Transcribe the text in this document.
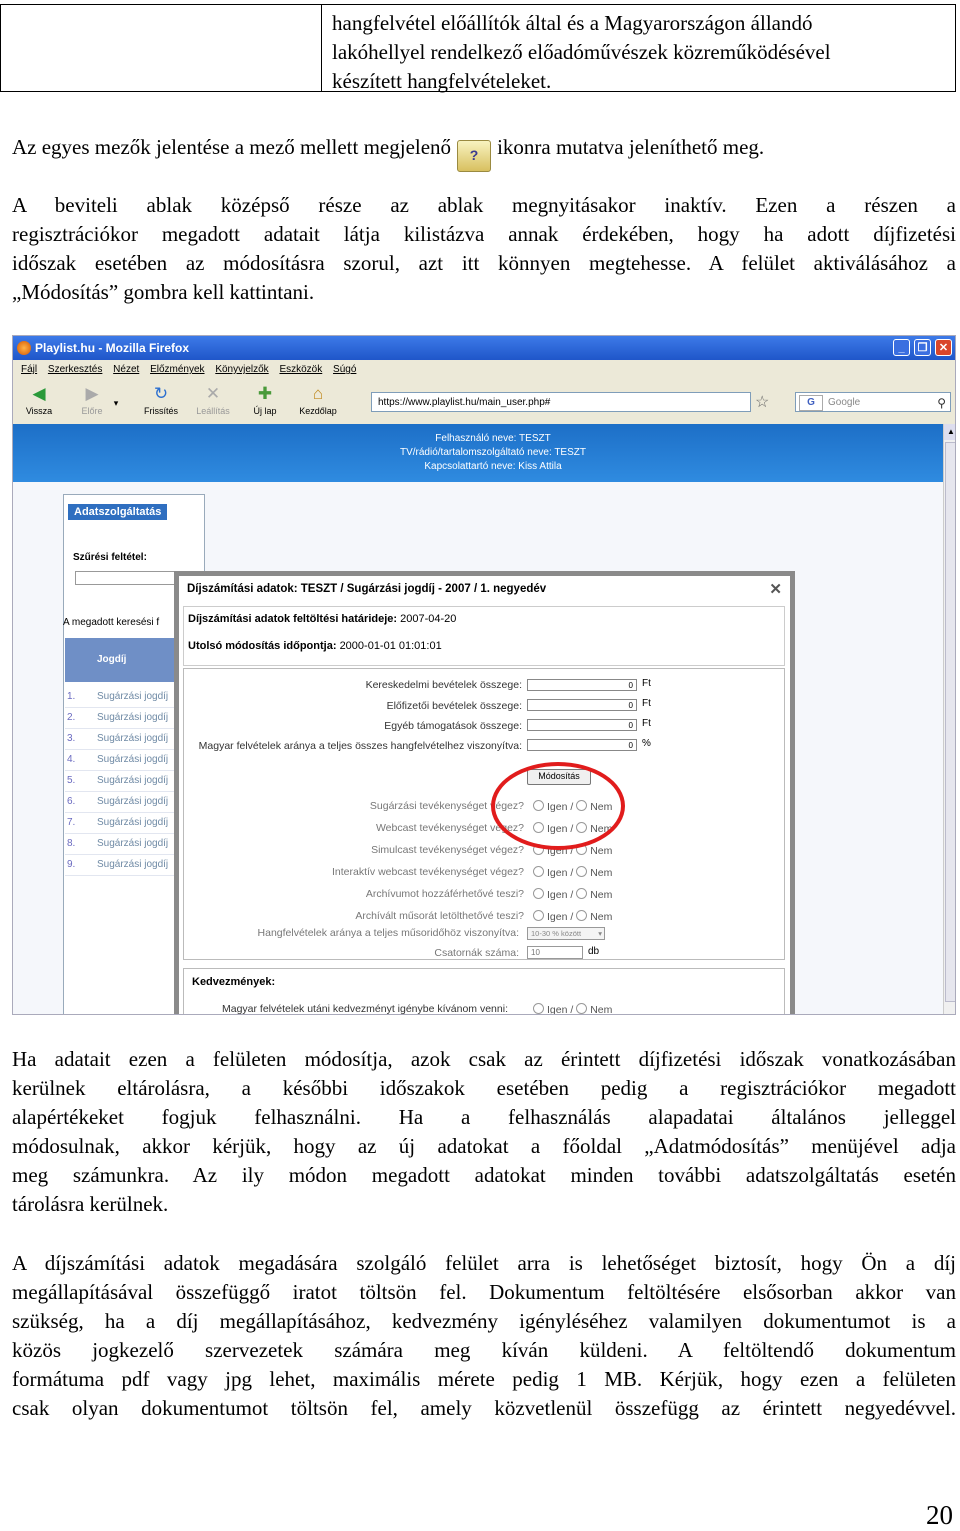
hangfelvétel előállítók által és a Magyarországon állandó
lakóhellyel rendelkező előadóművészek közreműködésével
készített hangfelvételeket.
Az egyes mezők jelentése a mező mellett megjelenő ? ikonra mutatva jeleníthető meg.
A beviteli ablak középső része az ablak megnyitásakor inaktív. Ezen a részen a
regisztrációkor megadott adatait látja kilistázva annak érdekében, hogy ha adott díjfizetési
időszak esetében az módosításra szorul, azt itt könnyen megtehesse. A felület aktiválásához a
„Módosítás” gombra kell kattintani.
Playlist.hu - Mozilla Firefox	_	❐	✕
Fájl Szerkesztés Nézet Előzmények Könyvjelzők Eszközök Súgó
◀
Vissza
▶
Előre
▾ ↻
Frissítés
✕
Leállítás
✚
Új lap
⌂
Kezdőlap
https://www.playlist.hu/main_user.php#	☆	G	Google	⚲
Felhasználó neve: TESZT
TV/rádió/tartalomszolgáltató neve: TESZT
Kapcsolattartó neve: Kiss Attila
Adatszolgáltatás
Szűrési feltétel:
A megadott keresési f
Jogdíj
1. Sugárzási jogdíj
2. Sugárzási jogdíj
3. Sugárzási jogdíj
4. Sugárzási jogdíj
5. Sugárzási jogdíj
6. Sugárzási jogdíj
7. Sugárzási jogdíj
8. Sugárzási jogdíj
9. Sugárzási jogdíj
Díjszámítási adatok: TESZT / Sugárzási jogdíj - 2007 / 1. negyedév	✕
Díjszámítási adatok feltöltési határideje: 2007-04-20
Utolsó módosítás időpontja: 2000-01-01 01:01:01
Kereskedelmi bevételek összege:	0 Ft
Előfizetői bevételek összege:	0 Ft
Egyéb támogatások összege:	0 Ft
Magyar felvételek aránya a teljes összes hangfelvételhez viszonyítva:	0 %
Módosítás
Sugárzási tevékenységet végez?	Igen / Nem
Webcast tevékenységet végez?	Igen / Nem
Simulcast tevékenységet végez?	Igen / Nem
Interaktív webcast tevékenységet végez?	Igen / Nem
Archívumot hozzáférhetővé teszi?	Igen / Nem
Archívált műsorát letölthetővé teszi?	Igen / Nem
Hangfelvételek aránya a teljes műsoridőhöz viszonyítva:	10-30 % között ▾
Csatornák száma:	10	db
Kedvezmények:
Magyar felvételek utáni kedvezményt igénybe kívánom venni:	Igen / Nem
▲
Ha adatait ezen a felületen módosítja, azok csak az érintett díjfizetési időszak vonatkozásában
kerülnek eltárolásra, a későbbi időszakok esetében pedig a regisztrációkor megadott
alapértékeket fogjuk felhasználni. Ha a felhasználás alapadatai általános jelleggel
módosulnak, akkor kérjük, hogy az új adatokat a főoldal „Adatmódosítás” menüjével adja
meg számunkra. Az ily módon megadott adatokat minden további adatszolgáltatás esetén
tárolásra kerülnek.
A díjszámítási adatok megadására szolgáló felület arra is lehetőséget biztosít, hogy Ön a díj
megállapításával összefüggő iratot töltsön fel. Dokumentum feltöltésére elsősorban akkor van
szükség, ha a díj megállapításához, kedvezmény igényléséhez valamilyen dokumentumot is a
közös jogkezelő szervezetek számára meg kíván küldeni. A feltöltendő dokumentum
formátuma pdf vagy jpg lehet, maximális mérete pedig 1 MB. Kérjük, hogy ezen a felületen
csak olyan dokumentumot töltsön fel, amely közvetlenül összefügg az érintett negyedévvel.
20
